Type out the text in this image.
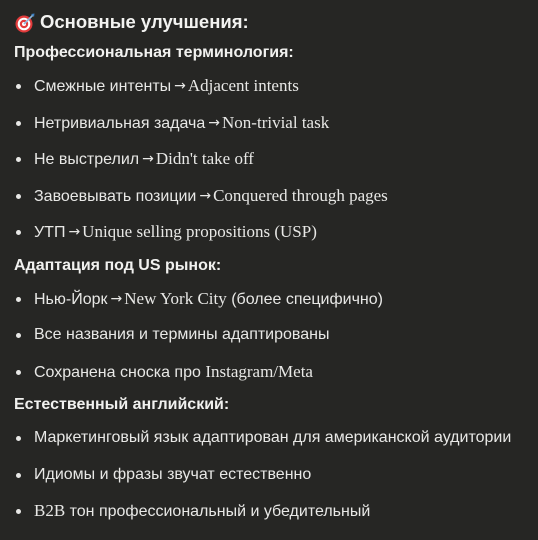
Основные улучшения:
Профессиональная терминология:
Смежные интенты → Adjacent intents
Нетривиальная задача → Non-trivial task
Не выстрелил → Didn't take off
Завоевывать позиции → Conquered through pages
УТП → Unique selling propositions (USP)
Адаптация под US рынок:
Нью-Йорк → New York City (более специфично)
Все названия и термины адаптированы
Сохранена сноска про Instagram/Meta
Естественный английский:
Маркетинговый язык адаптирован для американской аудитории
Идиомы и фразы звучат естественно
B2B тон профессиональный и убедительный
